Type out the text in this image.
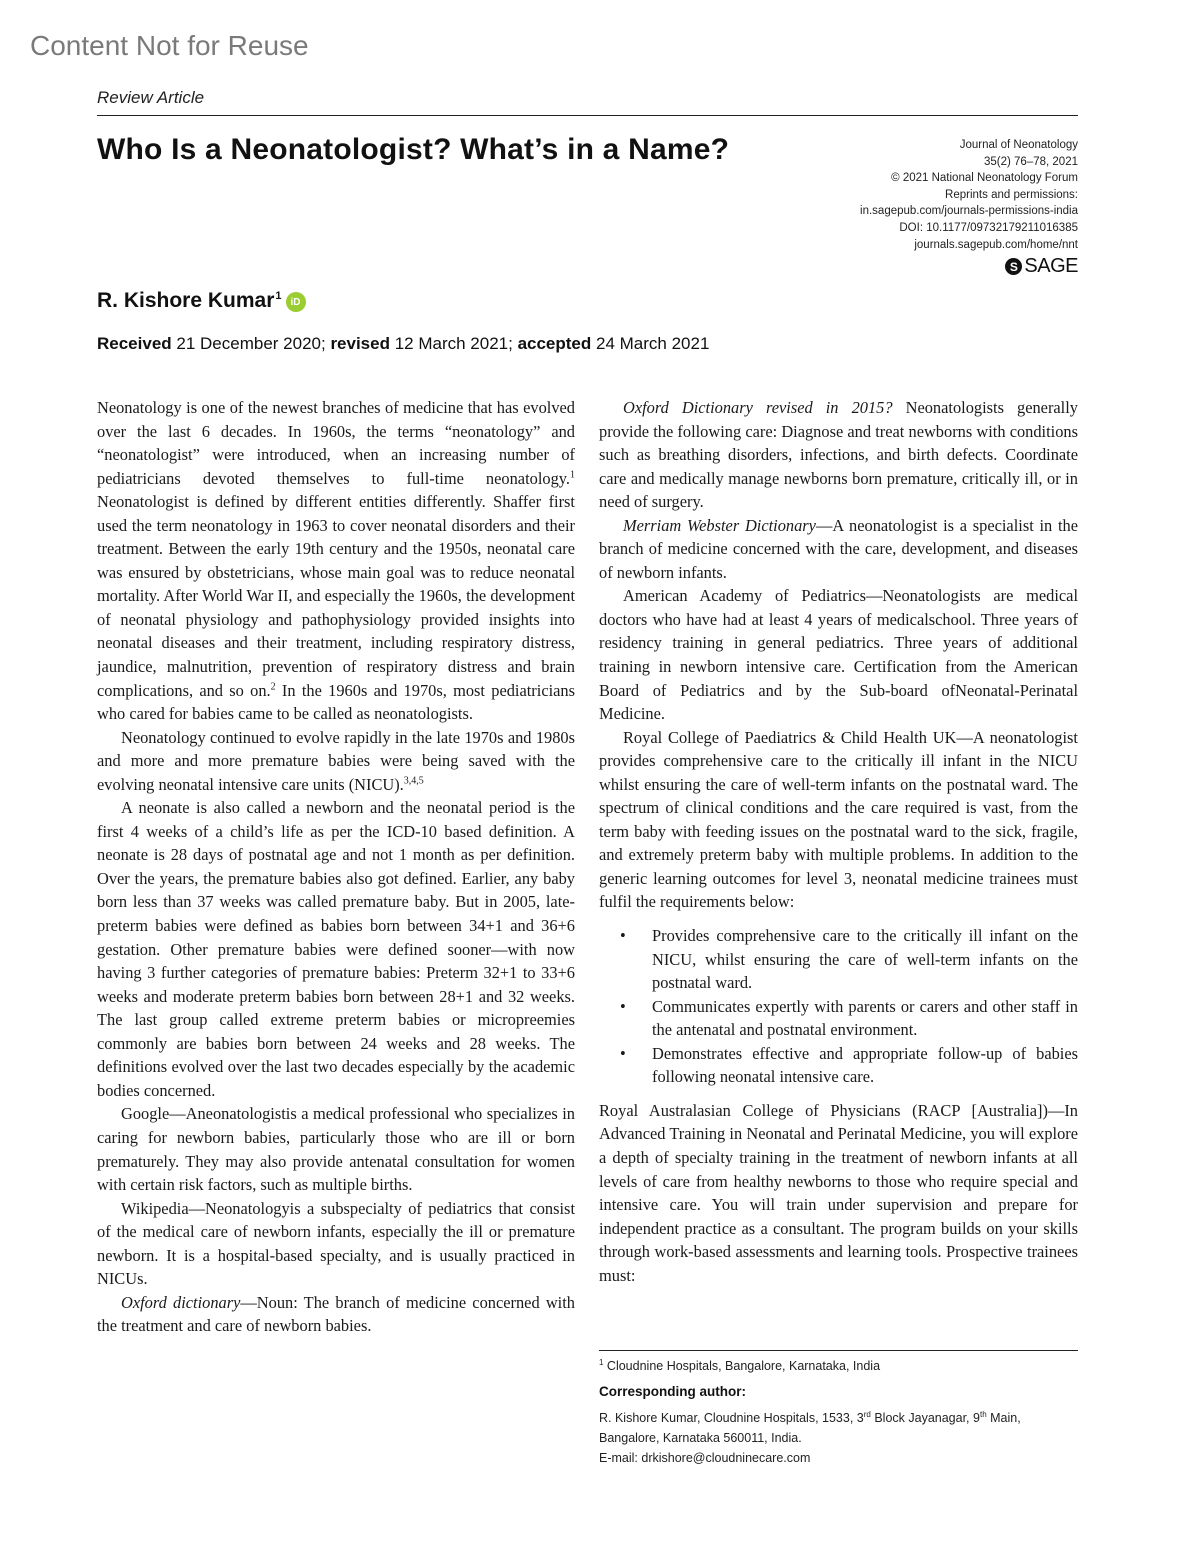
Content Not for Reuse
Review Article
Who Is a Neonatologist? What’s in a Name?	Journal of Neonatology
35(2) 76–78, 2021
© 2021 National Neonatology Forum
Reprints and permissions:
in.sagepub.com/journals-permissions-india
DOI: 10.1177/09732179211016385
journals.sagepub.com/home/nnt
S SAGE
R. Kishore Kumar$^1$ iD
Received 21 December 2020; revised 12 March 2021; accepted 24 March 2021

Neonatology is one of the newest branches of medicine that has evolved over the last 6 decades. In 1960s, the terms “neonatology” and “neonatologist” were introduced, when an increasing number of pediatricians devoted themselves to full-time neonatology.$^1$ Neonatologist is defined by different entities differently. Shaffer first used the term neonatology in 1963 to cover neonatal disorders and their treatment. Between the early 19th century and the 1950s, neonatal care was ensured by obstetricians, whose main goal was to reduce neonatal mortality. After World War II, and especially the 1960s, the development of neonatal physiology and pathophysiology provided insights into neonatal diseases and their treatment, including respiratory distress, jaundice, malnutrition, prevention of respiratory distress and brain complications, and so on.$^2$ In the 1960s and 1970s, most pediatricians who cared for babies came to be called as neonatologists.

Neonatology continued to evolve rapidly in the late 1970s and 1980s and more and more premature babies were being saved with the evolving neonatal intensive care units (NICU).$^{3,4,5}$

A neonate is also called a newborn and the neonatal period is the first 4 weeks of a child’s life as per the ICD-10 based definition. A neonate is 28 days of postnatal age and not 1 month as per definition. Over the years, the premature babies also got defined. Earlier, any baby born less than 37 weeks was called premature baby. But in 2005, late-preterm babies were defined as babies born between 34+1 and 36+6 gestation. Other premature babies were defined sooner—with now having 3 further categories of premature babies: Preterm 32+1 to 33+6 weeks and moderate preterm babies born between 28+1 and 32 weeks. The last group called extreme preterm babies or micropreemies commonly are babies born between 24 weeks and 28 weeks. The definitions evolved over the last two decades especially by the academic bodies concerned.

Google—Aneonatologistis a medical professional who specializes in caring for newborn babies, particularly those who are ill or born prematurely. They may also provide antenatal consultation for women with certain risk factors, such as multiple births.

Wikipedia—Neonatologyis a subspecialty of pediatrics that consist of the medical care of newborn infants, especially the ill or premature newborn. It is a hospital-based specialty, and is usually practiced in NICUs.

Oxford dictionary—Noun: The branch of medicine concerned with the treatment and care of newborn babies.

Oxford Dictionary revised in 2015? Neonatologists generally provide the following care: Diagnose and treat newborns with conditions such as breathing disorders, infections, and birth defects. Coordinate care and medically manage newborns born premature, critically ill, or in need of surgery.

Merriam Webster Dictionary—A neonatologist is a specialist in the branch of medicine concerned with the care, development, and diseases of newborn infants.

American Academy of Pediatrics—Neonatologists are medical doctors who have had at least 4 years of medicalschool. Three years of residency training in general pediatrics. Three years of additional training in newborn intensive care. Certification from the American Board of Pediatrics and by the Sub-board ofNeonatal-Perinatal Medicine.

Royal College of Paediatrics & Child Health UK—A neonatologist provides comprehensive care to the critically ill infant in the NICU whilst ensuring the care of well-term infants on the postnatal ward. The spectrum of clinical conditions and the care required is vast, from the term baby with feeding issues on the postnatal ward to the sick, fragile, and extremely preterm baby with multiple problems. In addition to the generic learning outcomes for level 3, neonatal medicine trainees must fulfil the requirements below:

• Provides comprehensive care to the critically ill infant on the NICU, whilst ensuring the care of well-term infants on the postnatal ward.
• Communicates expertly with parents or carers and other staff in the antenatal and postnatal environment.
• Demonstrates effective and appropriate follow-up of babies following neonatal intensive care.

Royal Australasian College of Physicians (RACP [Australia])—In Advanced Training in Neonatal and Perinatal Medicine, you will explore a depth of specialty training in the treatment of newborn infants at all levels of care from healthy newborns to those who require special and intensive care. You will train under supervision and prepare for independent practice as a consultant. The program builds on your skills through work-based assessments and learning tools. Prospective trainees must:

$^1$ Cloudnine Hospitals, Bangalore, Karnataka, India
Corresponding author:
R. Kishore Kumar, Cloudnine Hospitals, 1533, 3rd Block Jayanagar, 9th Main, Bangalore, Karnataka 560011, India.
E-mail: drkishore@cloudninecare.com
